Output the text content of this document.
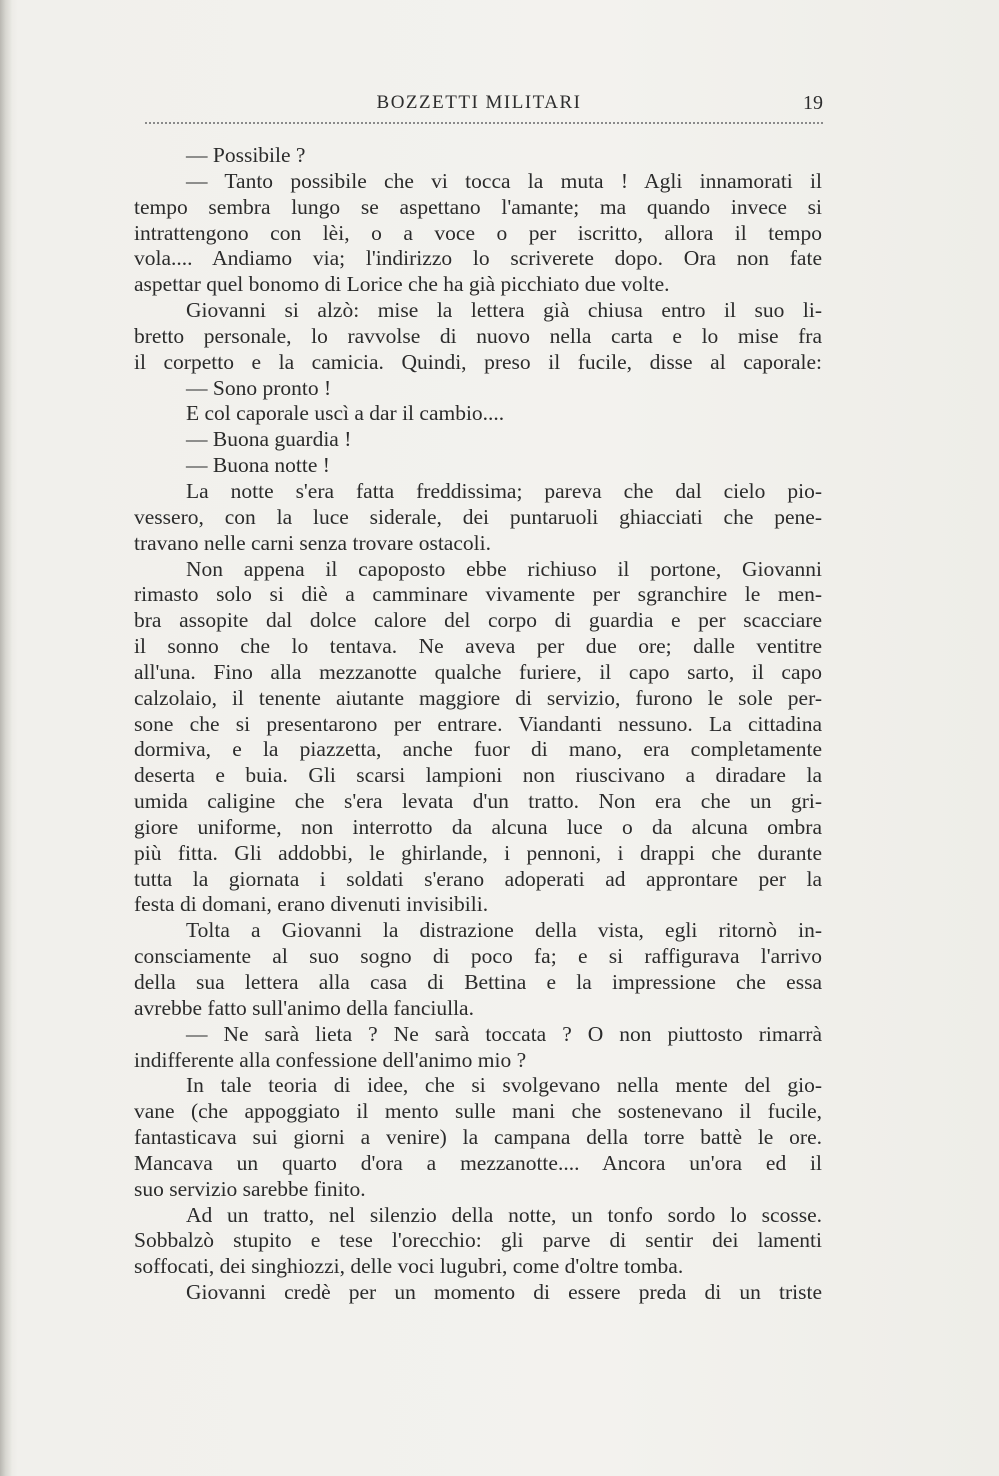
BOZZETTI MILITARI	19
— Possibile ?
— Tanto possibile che vi tocca la muta ! Agli innamorati il
tempo sembra lungo se aspettano l'amante; ma quando invece si
intrattengono con lèi, o a voce o per iscritto, allora il tempo
vola.... Andiamo via; l'indirizzo lo scriverete dopo. Ora non fate
aspettar quel bonomo di Lorice che ha già picchiato due volte.
Giovanni si alzò: mise la lettera già chiusa entro il suo li-
bretto personale, lo ravvolse di nuovo nella carta e lo mise fra
il corpetto e la camicia. Quindi, preso il fucile, disse al caporale:
— Sono pronto !
E col caporale uscì a dar il cambio....
— Buona guardia !
— Buona notte !
La notte s'era fatta freddissima; pareva che dal cielo pio-
vessero, con la luce siderale, dei puntaruoli ghiacciati che pene-
travano nelle carni senza trovare ostacoli.
Non appena il capoposto ebbe richiuso il portone, Giovanni
rimasto solo si diè a camminare vivamente per sgranchire le men-
bra assopite dal dolce calore del corpo di guardia e per scacciare
il sonno che lo tentava. Ne aveva per due ore; dalle ventitre
all'una. Fino alla mezzanotte qualche furiere, il capo sarto, il capo
calzolaio, il tenente aiutante maggiore di servizio, furono le sole per-
sone che si presentarono per entrare. Viandanti nessuno. La cittadina
dormiva, e la piazzetta, anche fuor di mano, era completamente
deserta e buia. Gli scarsi lampioni non riuscivano a diradare la
umida caligine che s'era levata d'un tratto. Non era che un gri-
giore uniforme, non interrotto da alcuna luce o da alcuna ombra
più fitta. Gli addobbi, le ghirlande, i pennoni, i drappi che durante
tutta la giornata i soldati s'erano adoperati ad approntare per la
festa di domani, erano divenuti invisibili.
Tolta a Giovanni la distrazione della vista, egli ritornò in-
consciamente al suo sogno di poco fa; e si raffigurava l'arrivo
della sua lettera alla casa di Bettina e la impressione che essa
avrebbe fatto sull'animo della fanciulla.
— Ne sarà lieta ? Ne sarà toccata ? O non piuttosto rimarrà
indifferente alla confessione dell'animo mio ?
In tale teoria di idee, che si svolgevano nella mente del gio-
vane (che appoggiato il mento sulle mani che sostenevano il fucile,
fantasticava sui giorni a venire) la campana della torre battè le ore.
Mancava un quarto d'ora a mezzanotte.... Ancora un'ora ed il
suo servizio sarebbe finito.
Ad un tratto, nel silenzio della notte, un tonfo sordo lo scosse.
Sobbalzò stupito e tese l'orecchio: gli parve di sentir dei lamenti
soffocati, dei singhiozzi, delle voci lugubri, come d'oltre tomba.
Giovanni credè per un momento di essere preda di un triste
